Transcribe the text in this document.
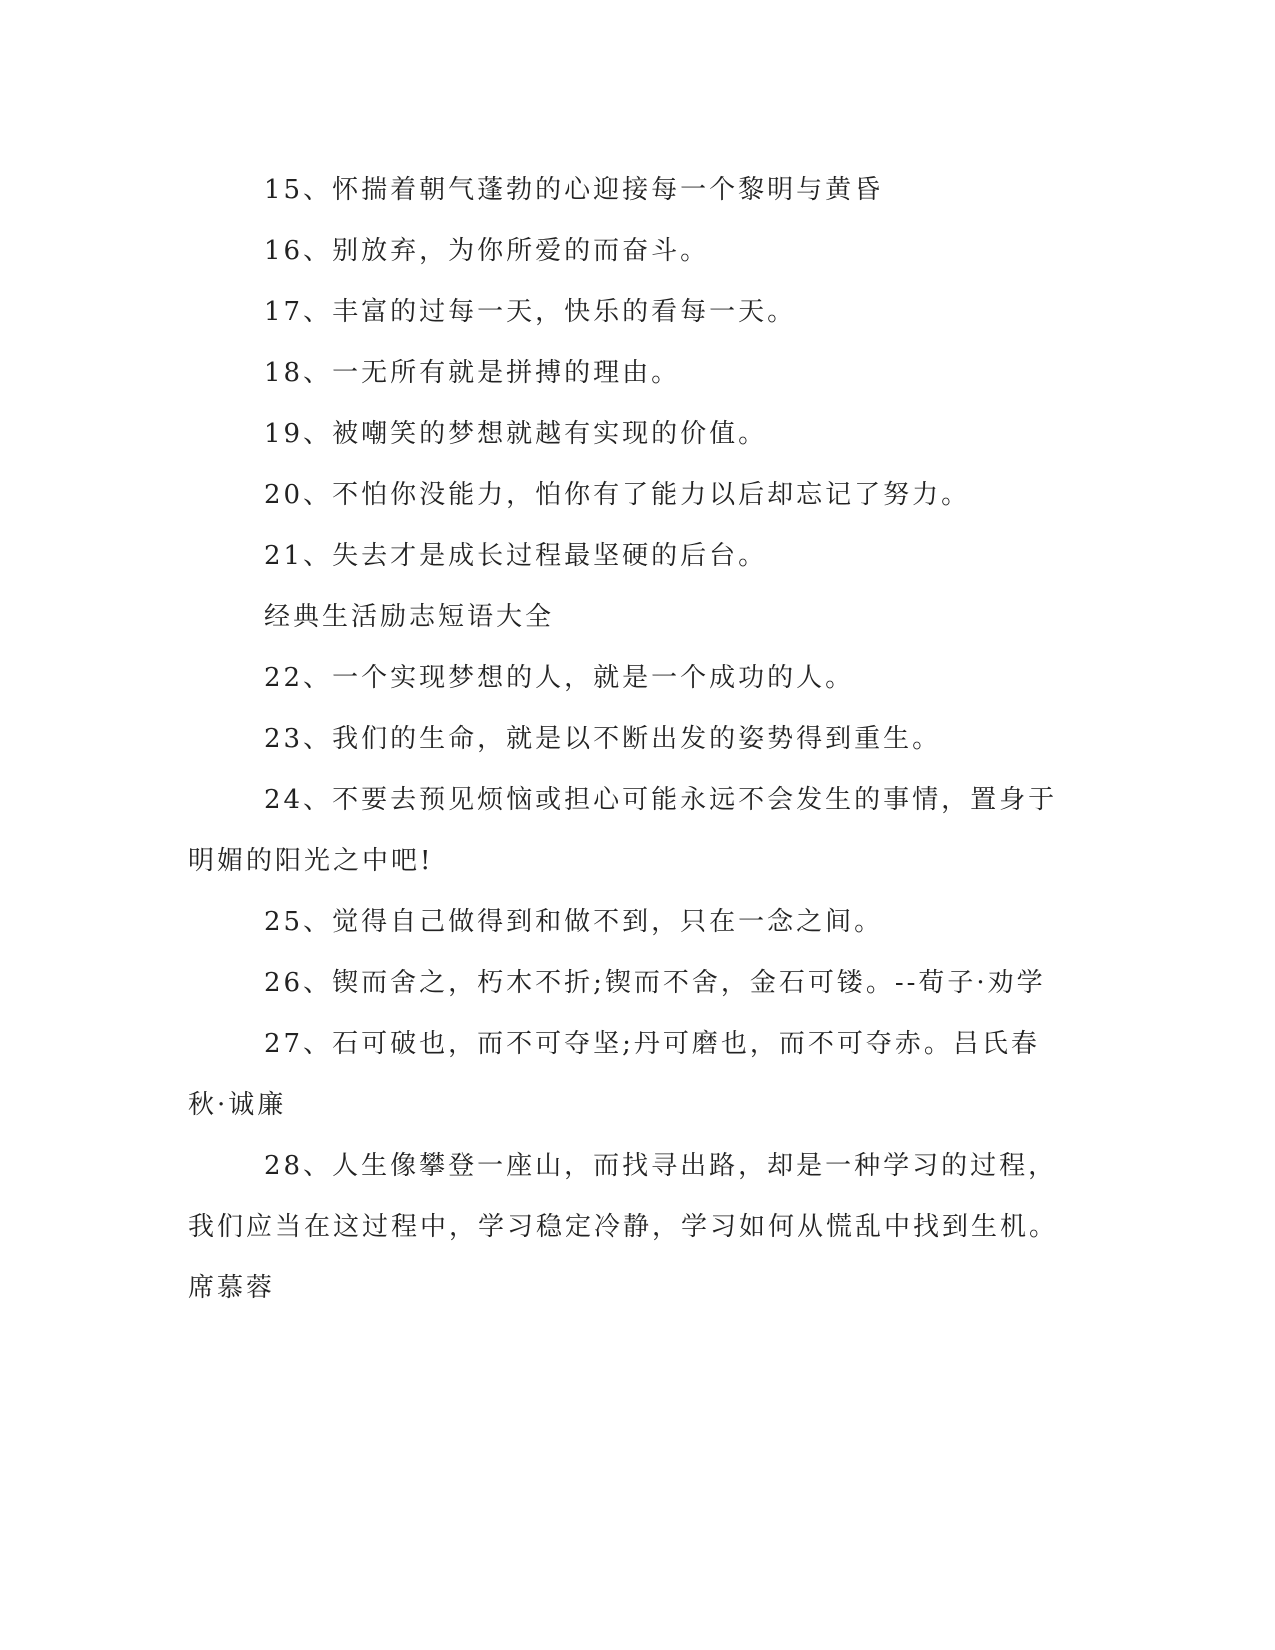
15、怀揣着朝气蓬勃的心迎接每一个黎明与黄昏

16、别放弃，为你所爱的而奋斗。

17、丰富的过每一天，快乐的看每一天。

18、一无所有就是拼搏的理由。

19、被嘲笑的梦想就越有实现的价值。

20、不怕你没能力，怕你有了能力以后却忘记了努力。

21、失去才是成长过程最坚硬的后台。

经典生活励志短语大全

22、一个实现梦想的人，就是一个成功的人。

23、我们的生命，就是以不断出发的姿势得到重生。

24、不要去预见烦恼或担心可能永远不会发生的事情，置身于明媚的阳光之中吧!

25、觉得自己做得到和做不到，只在一念之间。

26、锲而舍之，朽木不折;锲而不舍，金石可镂。--荀子·劝学

27、石可破也，而不可夺坚;丹可磨也，而不可夺赤。吕氏春秋·诚廉

28、人生像攀登一座山，而找寻出路，却是一种学习的过程，我们应当在这过程中，学习稳定冷静，学习如何从慌乱中找到生机。席慕蓉
